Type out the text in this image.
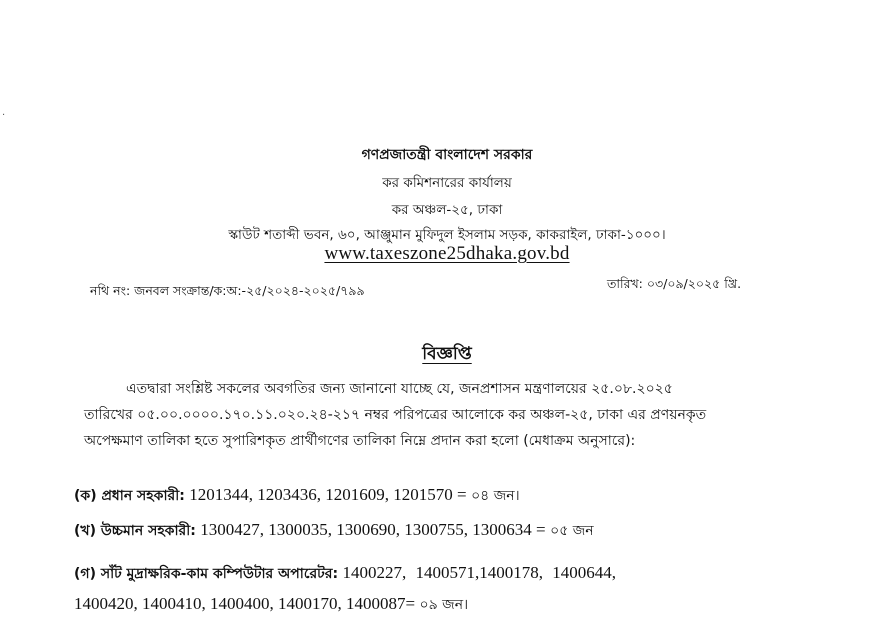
·
গণপ্রজাতন্ত্রী বাংলাদেশ সরকার
কর কমিশনারের কার্যালয়
কর অঞ্চল-২৫, ঢাকা
স্কাউট শতাব্দী ভবন, ৬০, আঞ্জুমান মুফিদুল ইসলাম সড়ক, কাকরাইল, ঢাকা-১০০০।
www.taxeszone25dhaka.gov.bd
নথি নং: জনবল সংক্রান্ত/ক:অ:-২৫/২০২৪-২০২৫/৭৯৯	তারিখ: ০৩/০৯/২০২৫ খ্রি.
বিজ্ঞপ্তি
এতদ্বারা সংশ্লিষ্ট সকলের অবগতির জন্য জানানো যাচ্ছে যে, জনপ্রশাসন মন্ত্রণালয়ের ২৫.০৮.২০২৫
তারিখের ০৫.০০.০০০০.১৭০.১১.০২০.২৪-২১৭ নম্বর পরিপত্রের আলোকে কর অঞ্চল-২৫, ঢাকা এর প্রণয়নকৃত
অপেক্ষমাণ তালিকা হতে সুপারিশকৃত প্রার্থীগণের তালিকা নিম্নে প্রদান করা হলো (মেধাক্রম অনুসারে):
(ক) প্রধান সহকারী: 1201344, 1203436, 1201609, 1201570 = ০৪ জন।
(খ) উচ্চমান সহকারী: 1300427, 1300035, 1300690, 1300755, 1300634 = ০৫ জন
(গ) সাঁট মুদ্রাক্ষরিক-কাম কম্পিউটার অপারেটর: 1400227, 1400571,1400178, 1400644,
1400420, 1400410, 1400400, 1400170, 1400087= ০৯ জন।
